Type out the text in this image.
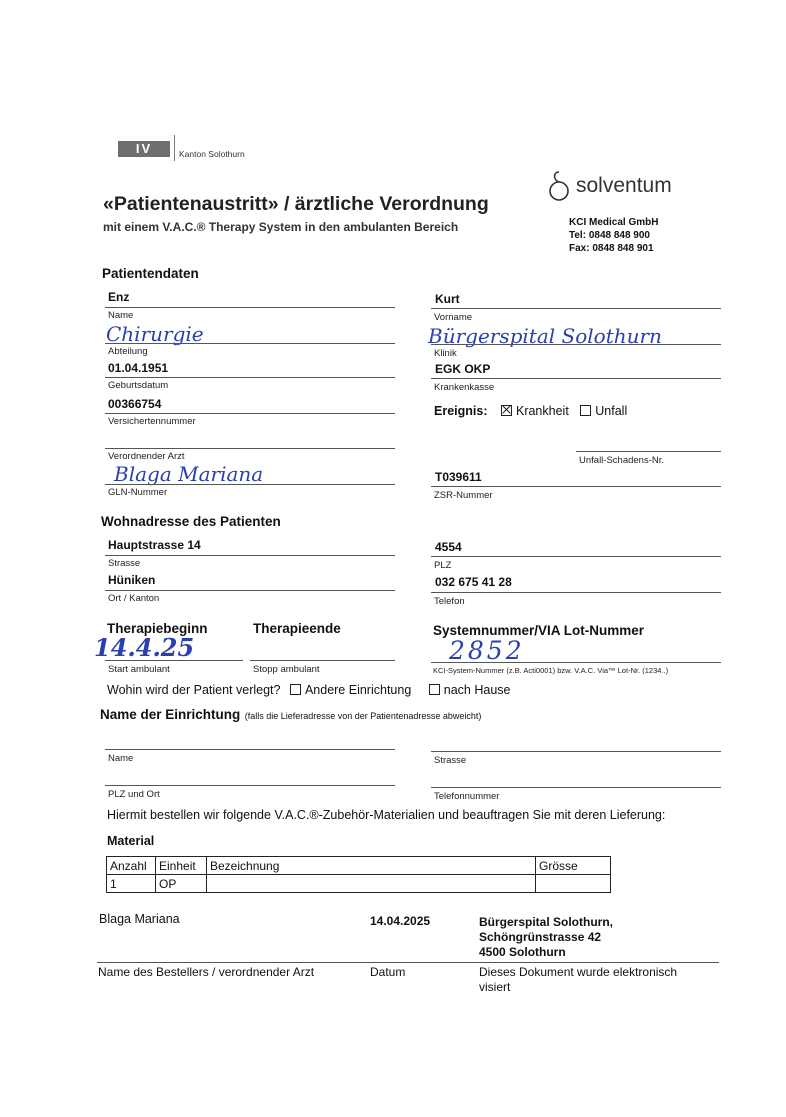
IV	Kanton Solothurn
«Patientenaustritt» / ärztliche Verordnung
mit einem V.A.C.® Therapy System in den ambulanten Bereich
solventum
KCI Medical GmbH
Tel: 0848 848 900
Fax: 0848 848 901
Patientendaten
Enz
Name
Kurt
Vorname
Chirurgie
Abteilung
Bürgerspital Solothurn
Klinik
01.04.1951
Geburtsdatum
EGK OKP
Krankenkasse
00366754
Versichertennummer
Ereignis: Krankheit Unfall
Verordnender Arzt	Unfall-Schadens-Nr.
Blaga Mariana
GLN-Nummer
T039611
ZSR-Nummer
Wohnadresse des Patienten
Hauptstrasse 14
Strasse
4554
PLZ
Hüniken
Ort / Kanton
032 675 41 28
Telefon
Therapiebeginn	Therapieende	Systemnummer/VIA Lot-Nummer
14.4.25
Start ambulant	Stopp ambulant
2852
KCI-System-Nummer (z.B. Acti0001) bzw. V.A.C. Via™ Lot-Nr. (1234..)
Wohin wird der Patient verlegt? Andere Einrichtung	nach Hause
Name der Einrichtung (falls die Lieferadresse von der Patientenadresse abweicht)
Name	Strasse
PLZ und Ort	Telefonnummer
Hiermit bestellen wir folgende V.A.C.®-Zubehör-Materialien und beauftragen Sie mit deren Lieferung:
Material
Anzahl	Einheit	Bezeichnung	Grösse
1	OP		
Blaga Mariana	14.04.2025	Bürgerspital Solothurn,
Schöngrünstrasse 42
4500 Solothurn
Name des Bestellers / verordnender Arzt	Datum	Dieses Dokument wurde elektronisch
visiert
